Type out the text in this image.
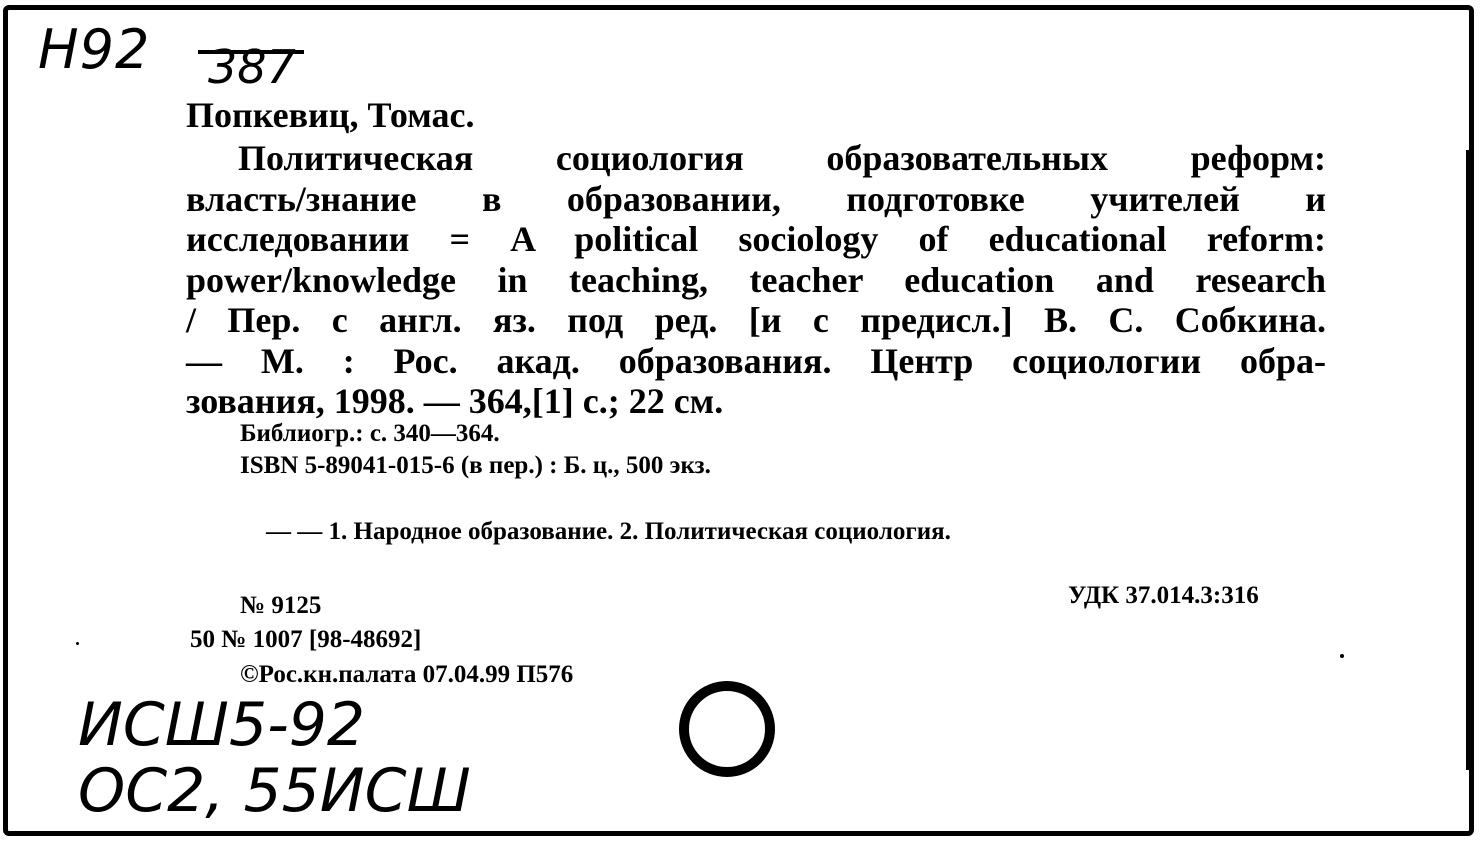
Н92 387
Попкевиц, Томас.
Политическая социология образовательных реформ:
власть/знание в образовании, подготовке учителей и
исследовании = A political sociology of educational reform:
power/knowledge in teaching, teacher education and research
/ Пер. с англ. яз. под ред. [и с предисл.] В. С. Собкина.
— М. : Рос. акад. образования. Центр социологии обра-
зования, 1998. — 364,[1] с.; 22 см.
Библиогр.: с. 340—364.
ISBN 5-89041-015-6 (в пер.) : Б. ц., 500 экз.
— — 1. Народное образование. 2. Политическая социология.
№ 9125	УДК 37.014.3:316
50 № 1007 [98-48692]
©Рос.кн.палата 07.04.99 П576
ИСШ5-92
ОС2, 55ИСШ
